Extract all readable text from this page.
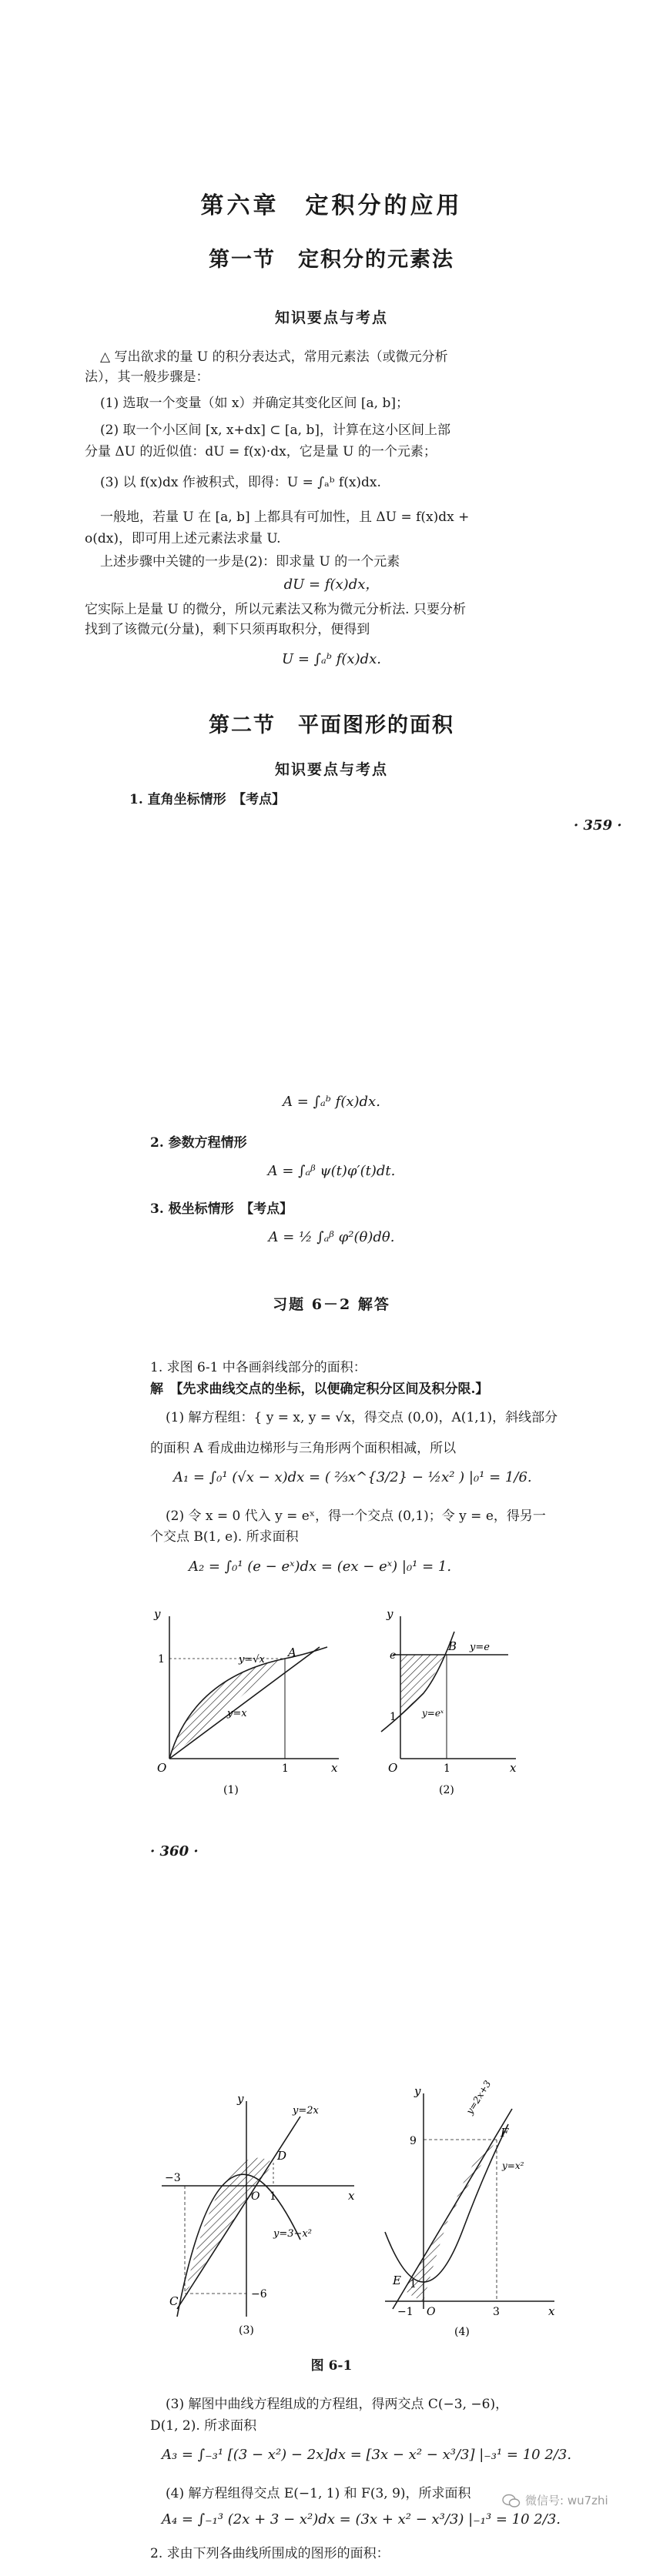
第六章　定积分的应用
第一节　定积分的元素法
知识要点与考点
△ 写出欲求的量 U 的积分表达式，常用元素法（或微元分析
法），其一般步骤是：
(1) 选取一个变量（如 x）并确定其变化区间 [a, b]；
(2) 取一个小区间 [x, x+dx] ⊂ [a, b]，计算在这小区间上部
分量 ΔU 的近似值：dU = f(x)·dx，它是量 U 的一个元素；
(3) 以 f(x)dx 作被积式，即得：U = ∫ₐᵇ f(x)dx.
一般地，若量 U 在 [a, b] 上都具有可加性，且 ΔU = f(x)dx +
o(dx)，即可用上述元素法求量 U.
上述步骤中关键的一步是(2)：即求量 U 的一个元素
dU = f(x)dx，
它实际上是量 U 的微分，所以元素法又称为微元分析法. 只要分析
找到了该微元(分量)，剩下只须再取积分，便得到
U = ∫ₐᵇ f(x)dx.
第二节　平面图形的面积
知识要点与考点
1. 直角坐标情形　【考点】
· 359 ·
A = ∫ₐᵇ f(x)dx.
2. 参数方程情形
A = ∫ₐᵝ ψ(t)φ′(t)dt.
3. 极坐标情形　【考点】
A = ½ ∫ₐᵝ φ²(θ)dθ.
习题 6－2 解答
1. 求图 6-1 中各画斜线部分的面积：
解　【先求曲线交点的坐标，以便确定积分区间及积分限.】
(1) 解方程组：{ y = x, y = √x，得交点 (0,0)，A(1,1)，斜线部分
的面积 A 看成曲边梯形与三角形两个面积相减，所以
A₁ = ∫₀¹ (√x − x)dx = ( ⅔x^{3/2} − ½x² ) |₀¹ = 1/6.
(2) 令 x = 0 代入 y = eˣ，得一个交点 (0,1)；令 y = e，得另一
个交点 B(1, e). 所求面积
A₂ = ∫₀¹ (e − eˣ)dx = (ex − eˣ) |₀¹ = 1.
y
x
O
1
1
A
y=√x
y=x
(1)
y
x
O
e
1
1
B y=e
y=eˣ
(2)
· 360 ·
y
x
O
−3
−6
1
C
D
y=2x
y=3−x²
(3)
y
x
O
9
3
−1
1
E
F
y=2x+3
y=x²
(4)
图 6-1
(3) 解图中曲线方程组成的方程组，得两交点 C(−3, −6)，
D(1, 2). 所求面积
A₃ = ∫₋₃¹ [(3 − x²) − 2x]dx = [3x − x² − x³/3] |₋₃¹ = 10 2/3.
(4) 解方程组得交点 E(−1, 1) 和 F(3, 9)，所求面积
A₄ = ∫₋₁³ (2x + 3 − x²)dx = (3x + x² − x³/3) |₋₁³ = 10 2/3.
2. 求由下列各曲线所围成的图形的面积：
微信号: wu7zhi
